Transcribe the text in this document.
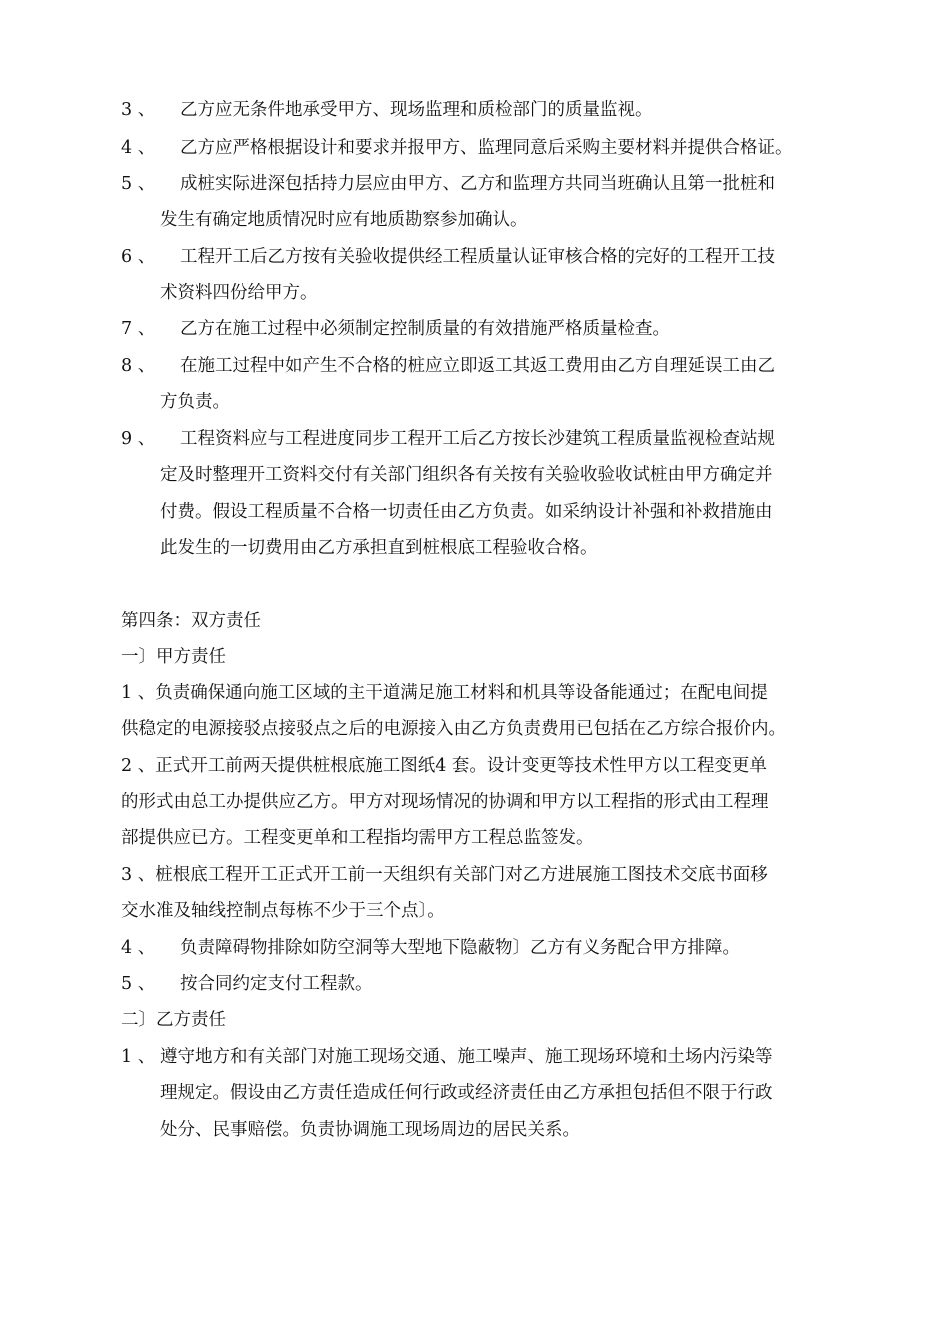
3 、 乙方应无条件地承受甲方、现场监理和质检部门的质量监视。
4 、 乙方应严格根据设计和要求并报甲方、监理同意后采购主要材料并提供合格证。
5 、 成桩实际进深包括持力层应由甲方、乙方和监理方共同当班确认且第一批桩和
发生有确定地质情况时应有地质勘察参加确认。
6 、 工程开工后乙方按有关验收提供经工程质量认证审核合格的完好的工程开工技
术资料四份给甲方。
7 、 乙方在施工过程中必须制定控制质量的有效措施严格质量检查。
8 、 在施工过程中如产生不合格的桩应立即返工其返工费用由乙方自理延误工由乙
方负责。
9 、 工程资料应与工程进度同步工程开工后乙方按长沙建筑工程质量监视检查站规
定及时整理开工资料交付有关部门组织各有关按有关验收验收试桩由甲方确定并
付费。假设工程质量不合格一切责任由乙方负责。如采纳设计补强和补救措施由
此发生的一切费用由乙方承担直到桩根底工程验收合格。
第四条：双方责任
一〕甲方责任
1 、负责确保通向施工区域的主干道满足施工材料和机具等设备能通过；在配电间提
供稳定的电源接驳点接驳点之后的电源接入由乙方负责费用已包括在乙方综合报价内。
2 、正式开工前两天提供桩根底施工图纸4 套。设计变更等技术性甲方以工程变更单
的形式由总工办提供应乙方。甲方对现场情况的协调和甲方以工程指的形式由工程理
部提供应已方。工程变更单和工程指均需甲方工程总监签发。
3 、桩根底工程开工正式开工前一天组织有关部门对乙方进展施工图技术交底书面移
交水准及轴线控制点每栋不少于三个点〕。
4 、 负责障碍物排除如防空洞等大型地下隐蔽物〕乙方有义务配合甲方排障。
5 、 按合同约定支付工程款。
二〕乙方责任
1 、 遵守地方和有关部门对施工现场交通、施工噪声、施工现场环境和土场内污染等
理规定。假设由乙方责任造成任何行政或经济责任由乙方承担包括但不限于行政
处分、民事赔偿。负责协调施工现场周边的居民关系。
